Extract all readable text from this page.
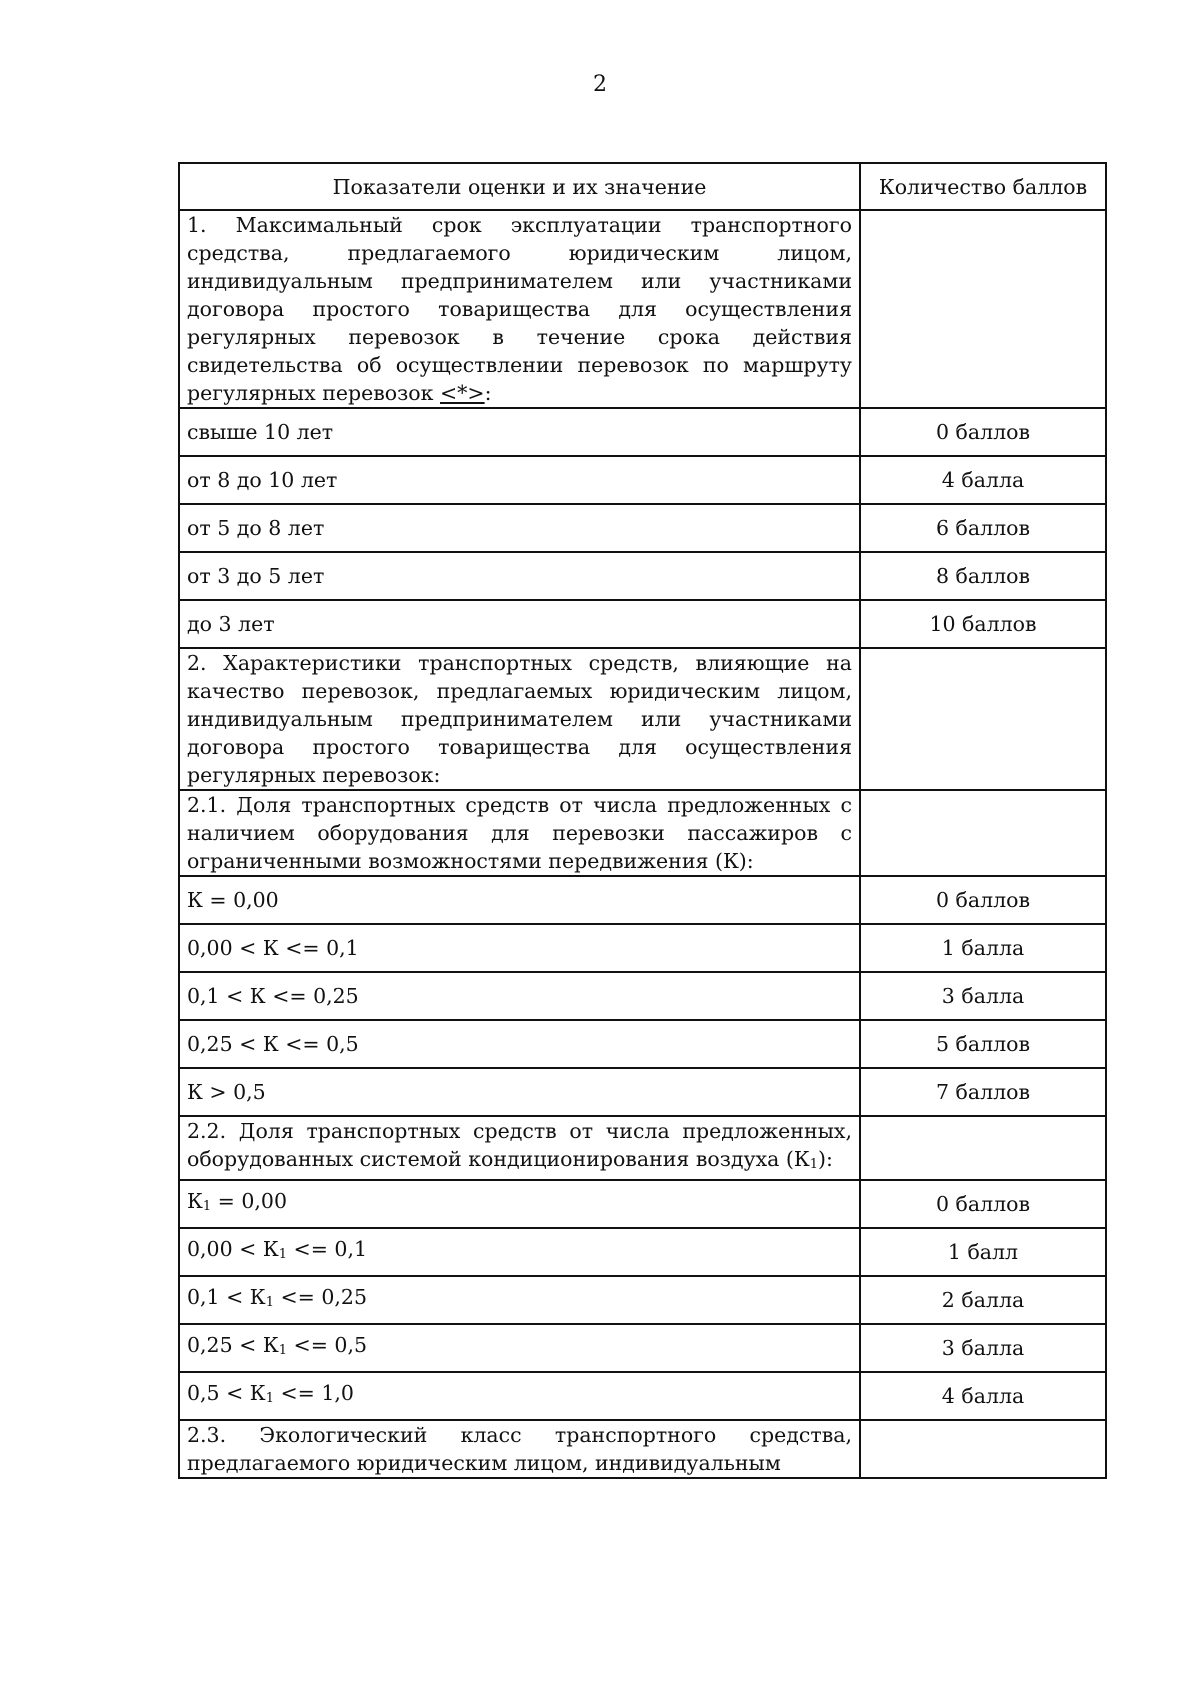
2
Показатели оценки и их значение	Количество баллов
1. Максимальный срок эксплуатации транспортного средства, предлагаемого юридическим лицом, индивидуальным предпринимателем или участниками договора простого товарищества для осуществления регулярных перевозок в течение срока действия свидетельства об осуществлении перевозок по маршруту регулярных перевозок <*>:	
свыше 10 лет	0 баллов
от 8 до 10 лет	4 балла
от 5 до 8 лет	6 баллов
от 3 до 5 лет	8 баллов
до 3 лет	10 баллов
2. Характеристики транспортных средств, влияющие на качество перевозок, предлагаемых юридическим лицом, индивидуальным предпринимателем или участниками договора простого товарищества для осуществления регулярных перевозок:	
2.1. Доля транспортных средств от числа предложенных с наличием оборудования для перевозки пассажиров с ограниченными возможностями передвижения (К):	
К = 0,00	0 баллов
0,00 < К <= 0,1	1 балла
0,1 < К <= 0,25	3 балла
0,25 < К <= 0,5	5 баллов
К > 0,5	7 баллов
2.2. Доля транспортных средств от числа предложенных, оборудованных системой кондиционирования воздуха $(К_1)$:	
$К_1 = 0,00$	0 баллов
$0,00 < К_1 <= 0,1$	1 балл
$0,1 < К_1 <= 0,25$	2 балла
$0,25 < К_1 <= 0,5$	3 балла
$0,5 < К_1 <= 1,0$	4 балла
2.3. Экологический класс транспортного средства, предлагаемого юридическим лицом, индивидуальным	
